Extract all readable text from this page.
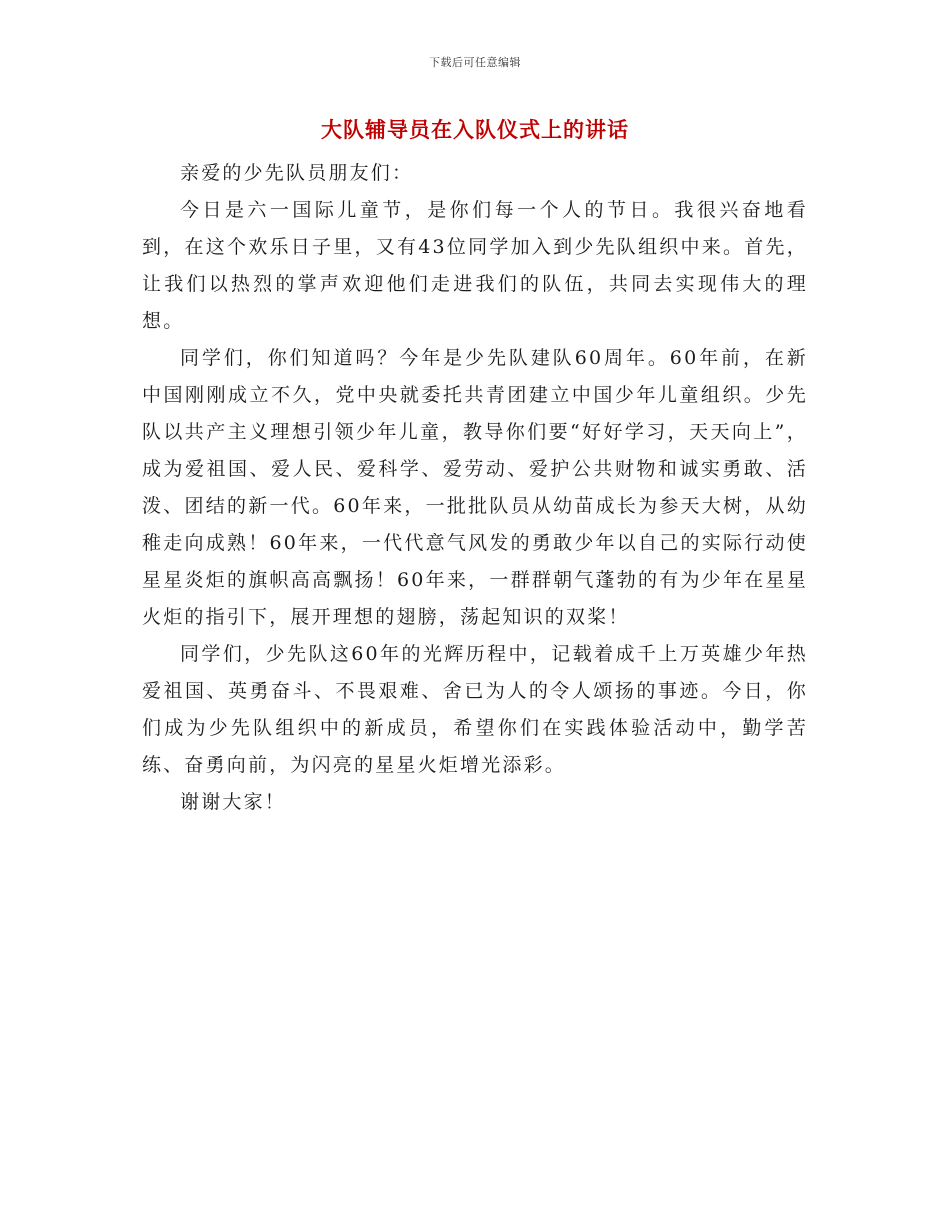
下载后可任意编辑
大队辅导员在入队仪式上的讲话

亲爱的少先队员朋友们：

今日是六一国际儿童节，是你们每一个人的节日。我很兴奋地看到，在这个欢乐日子里，又有43位同学加入到少先队组织中来。首先，让我们以热烈的掌声欢迎他们走进我们的队伍，共同去实现伟大的理想。

同学们，你们知道吗？今年是少先队建队60周年。60年前，在新中国刚刚成立不久，党中央就委托共青团建立中国少年儿童组织。少先队以共产主义理想引领少年儿童，教导你们要“好好学习，天天向上”，成为爱祖国、爱人民、爱科学、爱劳动、爱护公共财物和诚实勇敢、活泼、团结的新一代。60年来，一批批队员从幼苗成长为参天大树，从幼稚走向成熟！60年来，一代代意气风发的勇敢少年以自己的实际行动使星星炎炬的旗帜高高飘扬！60年来，一群群朝气蓬勃的有为少年在星星火炬的指引下，展开理想的翅膀，荡起知识的双桨！

同学们，少先队这60年的光辉历程中，记载着成千上万英雄少年热爱祖国、英勇奋斗、不畏艰难、舍已为人的令人颂扬的事迹。今日，你们成为少先队组织中的新成员，希望你们在实践体验活动中，勤学苦练、奋勇向前，为闪亮的星星火炬增光添彩。

谢谢大家！
